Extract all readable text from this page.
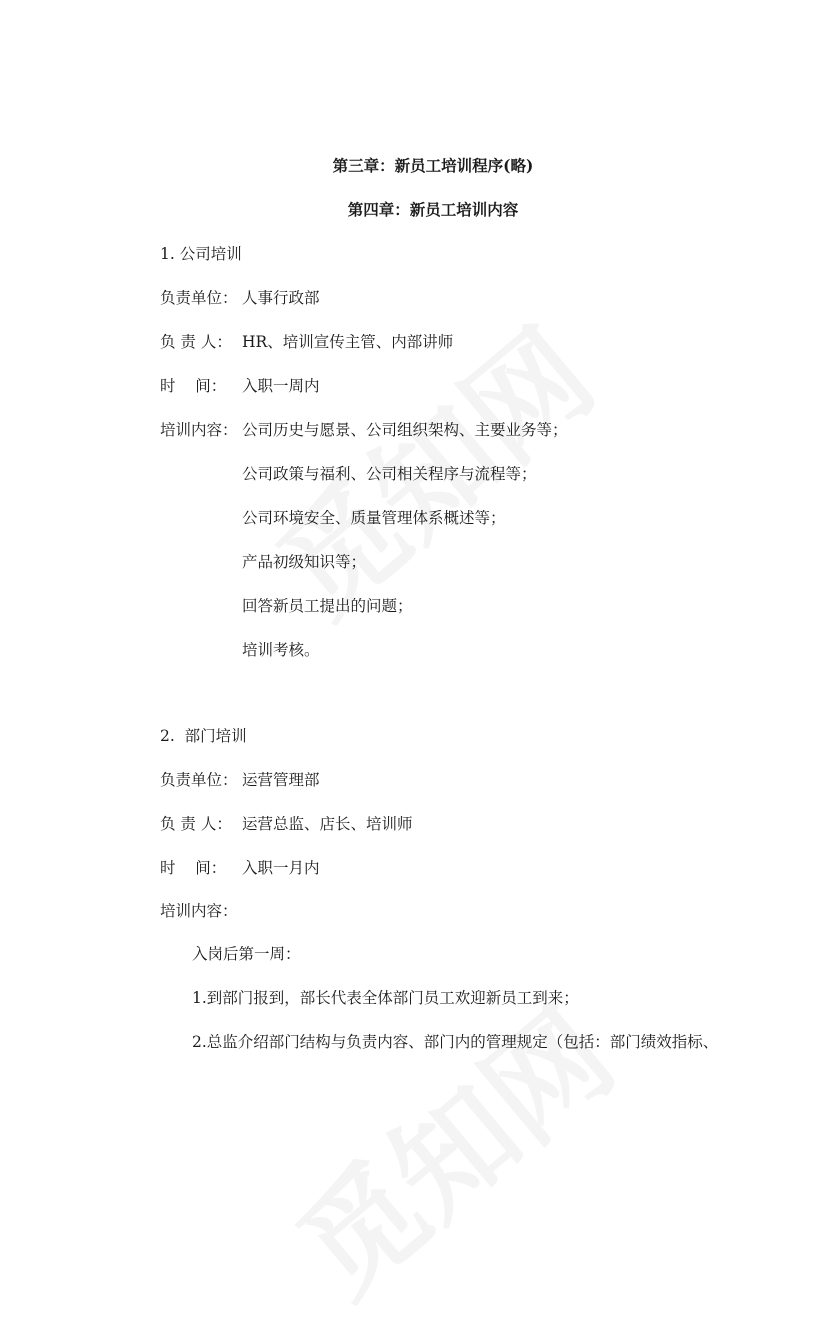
第三章：新员工培训程序(略)
第四章：新员工培训内容
1. 公司培训
负责单位： 人事行政部
负 责 人： HR、培训宣传主管、内部讲师
时    间： 入职一周内
培训内容： 公司历史与愿景、公司组织架构、主要业务等；
公司政策与福利、公司相关程序与流程等；
公司环境安全、质量管理体系概述等；
产品初级知识等；
回答新员工提出的问题；
培训考核。
2.  部门培训
负责单位： 运营管理部
负 责 人： 运营总监、店长、培训师
时    间： 入职一月内
培训内容：
入岗后第一周：
1.到部门报到，部长代表全体部门员工欢迎新员工到来；
2.总监介绍部门结构与负责内容、部门内的管理规定（包括：部门绩效指标、
